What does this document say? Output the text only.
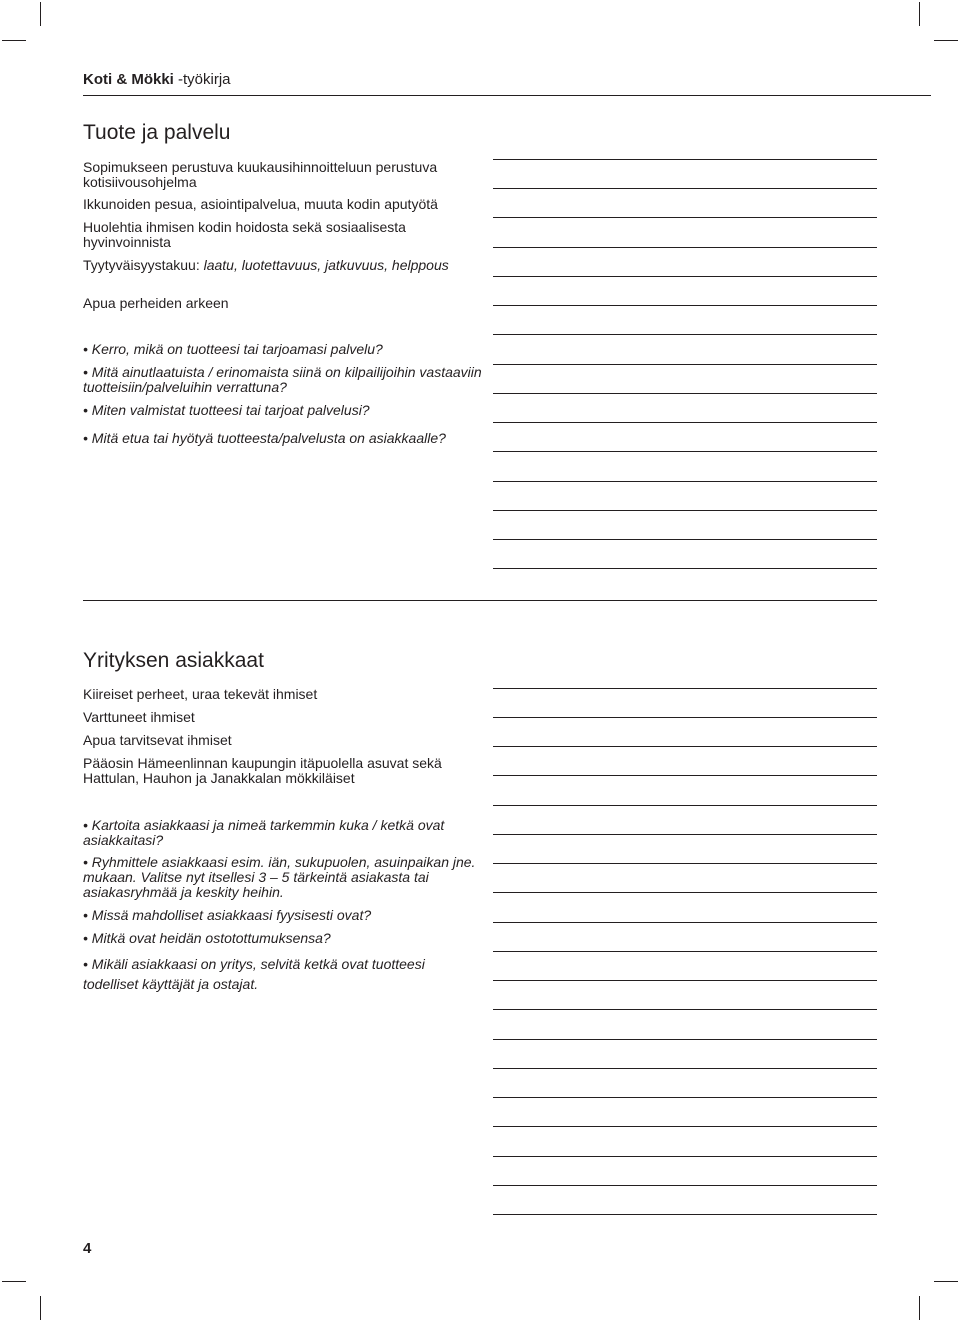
Koti & Mökki -työkirja
Tuote ja palvelu
Sopimukseen perustuva kuukausihinnoitteluun perustuva kotisiivousohjelma
Ikkunoiden pesua, asiointipalvelua, muuta kodin aputyötä
Huolehtia ihmisen kodin hoidosta sekä sosiaalisesta hyvinvoinnista
Tyytyväisyystakuu: laatu, luotettavuus, jatkuvuus, helppous
Apua perheiden arkeen
• Kerro, mikä on tuotteesi tai tarjoamasi palvelu?
• Mitä ainutlaatuista / erinomaista siinä on kilpailijoihin vastaaviin tuotteisiin/palveluihin verrattuna?
• Miten valmistat tuotteesi tai tarjoat palvelusi?
• Mitä etua tai hyötyä tuotteesta/palvelusta on asiakkaalle?
Yrityksen asiakkaat
Kiireiset perheet, uraa tekevät ihmiset
Varttuneet ihmiset
Apua tarvitsevat ihmiset
Pääosin Hämeenlinnan kaupungin itäpuolella asuvat sekä Hattulan, Hauhon ja Janakkalan mökkiläiset
• Kartoita asiakkaasi ja nimeä tarkemmin kuka / ketkä ovat asiakkaitasi?
• Ryhmittele asiakkaasi esim. iän, sukupuolen, asuinpaikan jne. mukaan. Valitse nyt itsellesi 3 – 5 tärkeintä asiakasta tai asiakasryhmää ja keskity heihin.
• Missä mahdolliset asiakkaasi fyysisesti ovat?
• Mitkä ovat heidän ostotottumuksensa?
• Mikäli asiakkaasi on yritys, selvitä ketkä ovat tuotteesi todelliset käyttäjät ja ostajat.
4
